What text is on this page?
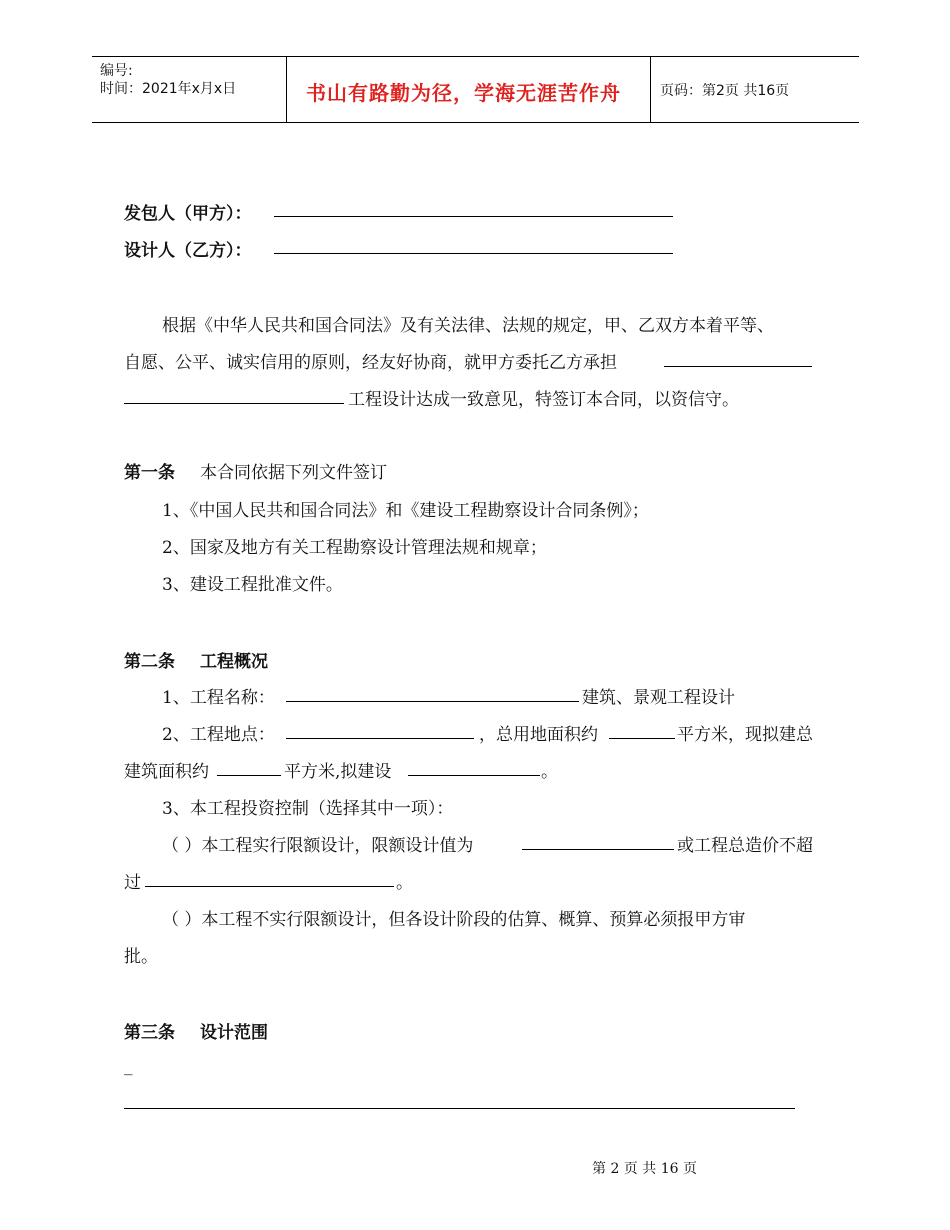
编号:
时间：2021年x月x日	书山有路勤为径，学海无涯苦作舟	页码：第2页 共16页
发包人（甲方）：
设计人（乙方）：
根据《中华人民共和国合同法》及有关法律、法规的规定，甲、乙双方本着平等、
自愿、公平、诚实信用的原则，经友好协商，就甲方委托乙方承担
工程设计达成一致意见，特签订本合同，以资信守。
第一条 本合同依据下列文件签订
1、《中国人民共和国合同法》和《建设工程勘察设计合同条例》；
2、国家及地方有关工程勘察设计管理法规和规章；
3、建设工程批准文件。
第二条 工程概况
1、工程名称：	建筑、景观工程设计
2、工程地点：	，总用地面积约	平方米，现拟建总
建筑面积约	平方米,拟建设	。
3、本工程投资控制（选择其中一项）：
（ ）本工程实行限额设计，限额设计值为	或工程总造价不超
过	。
（ ）本工程不实行限额设计，但各设计阶段的估算、概算、预算必须报甲方审
批。
第三条 设计范围
_
第 2 页 共 16 页
